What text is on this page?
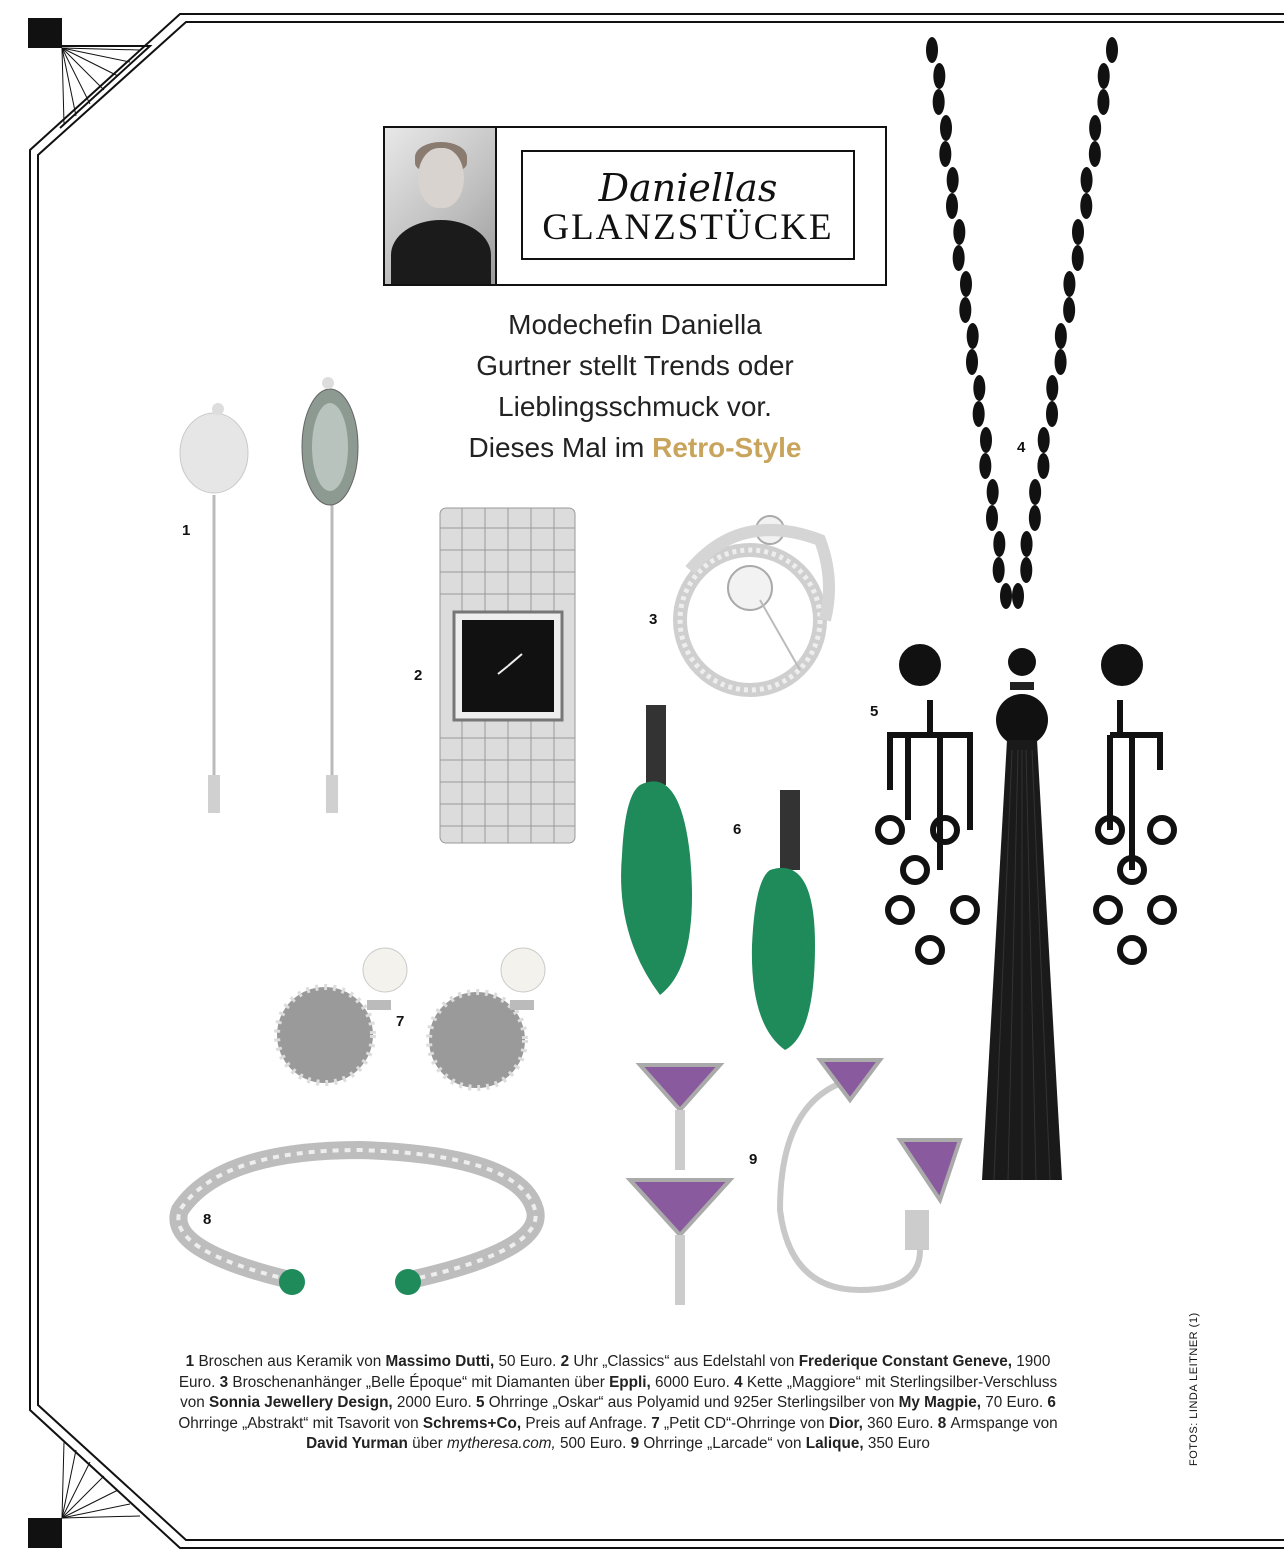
Daniellas
GLANZSTÜCKE
Modechefin Daniella
Gurtner stellt Trends oder
Lieblingsschmuck vor.
Dieses Mal im Retro-Style
1
2
3
4
5
6
7
8
9
1 Broschen aus Keramik von Massimo Dutti, 50 Euro. 2 Uhr „Classics“ aus Edelstahl von Frederique Constant Geneve, 1900 Euro. 3 Broschenanhänger „Belle Époque“ mit Diamanten über Eppli, 6000 Euro. 4 Kette „Maggiore“ mit Sterlingsilber-Verschluss von Sonnia Jewellery Design, 2000 Euro. 5 Ohrringe „Oskar“ aus Polyamid und 925er Sterlingsilber von My Magpie, 70 Euro. 6 Ohrringe „Abstrakt“ mit Tsavorit von Schrems+Co, Preis auf Anfrage. 7 „Petit CD“-Ohrringe von Dior, 360 Euro. 8 Armspange von David Yurman über mytheresa.com, 500 Euro. 9 Ohrringe „Larcade“ von Lalique, 350 Euro	FOTOS: LINDA LEITNER (1)
